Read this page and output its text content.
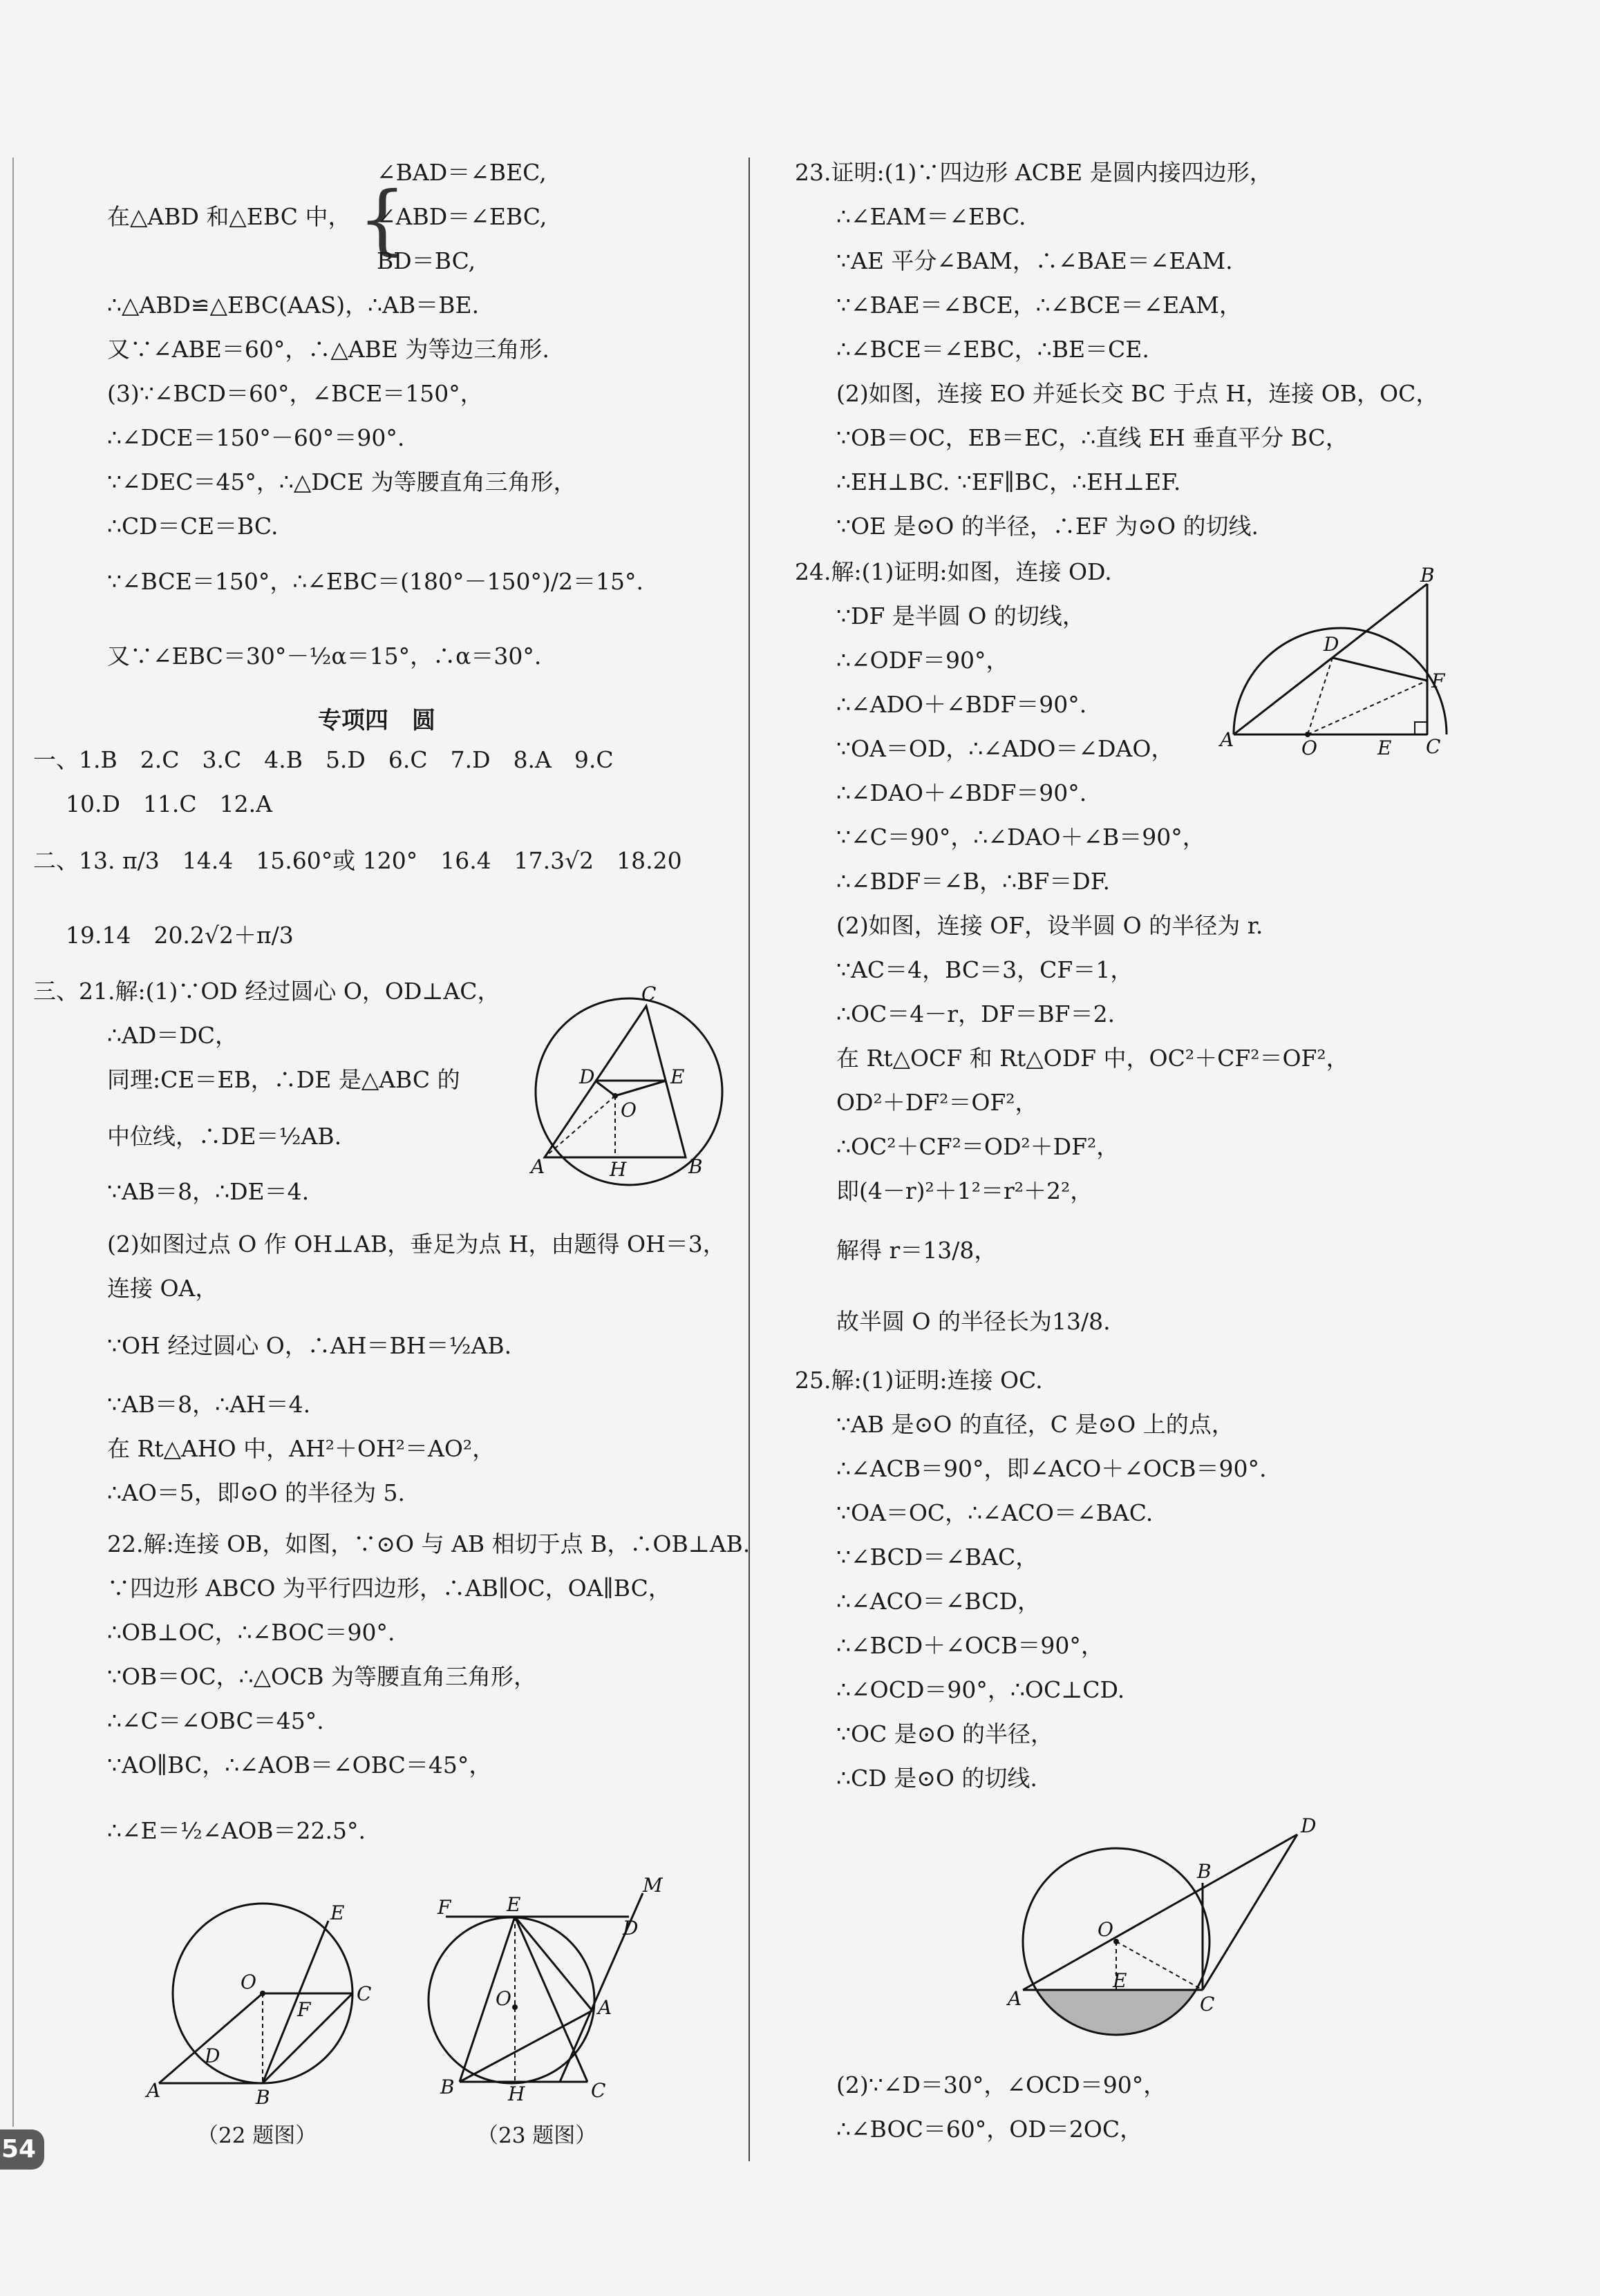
∠BAD＝∠BEC,
在△ABD 和△EBC 中， {
∠ABD＝∠EBC,
BD＝BC,
∴△ABD≌△EBC(AAS)，∴AB＝BE.
又∵∠ABE＝60°，∴△ABE 为等边三角形.
(3)∵∠BCD＝60°，∠BCE＝150°，
∴∠DCE＝150°－60°＝90°.
∵∠DEC＝45°，∴△DCE 为等腰直角三角形，
∴CD＝CE＝BC.
∵∠BCE＝150°，∴∠EBC＝(180°－150°)/2＝15°.
又∵∠EBC＝30°－½α＝15°，∴α＝30°.
专项四　圆
一、1.B　2.C　3.C　4.B　5.D　6.C　7.D　8.A　9.C
10.D　11.C　12.A
二、13. π/3　14.4　15.60°或 120°　16.4　17.3√2　18.20
19.14　20.2√2＋π/3
三、21.解:(1)∵OD 经过圆心 O，OD⊥AC，
∴AD＝DC，
同理:CE＝EB，∴DE 是△ABC 的
中位线，∴DE＝½AB.
∵AB＝8，∴DE＝4.
(2)如图过点 O 作 OH⊥AB，垂足为点 H，由题得 OH＝3，
连接 OA，
∵OH 经过圆心 O，∴AH＝BH＝½AB.
∵AB＝8，∴AH＝4.
在 Rt△AHO 中，AH²＋OH²＝AO²，
∴AO＝5，即⊙O 的半径为 5.
22.解:连接 OB，如图，∵⊙O 与 AB 相切于点 B，∴OB⊥AB.
∵四边形 ABCO 为平行四边形，∴AB∥OC，OA∥BC，
∴OB⊥OC，∴∠BOC＝90°.
∵OB＝OC，∴△OCB 为等腰直角三角形，
∴∠C＝∠OBC＝45°.
∵AO∥BC，∴∠AOB＝∠OBC＝45°，
∴∠E＝½∠AOB＝22.5°.
（22 题图）	（23 题图）
C
D	E
O
A	B
H
E
O
C
F
D
A	B
F	E
M
D
O	A
B	H	C
23.证明:(1)∵四边形 ACBE 是圆内接四边形，
∴∠EAM＝∠EBC.
∵AE 平分∠BAM，∴∠BAE＝∠EAM.
∵∠BAE＝∠BCE，∴∠BCE＝∠EAM，
∴∠BCE＝∠EBC，∴BE＝CE.
(2)如图，连接 EO 并延长交 BC 于点 H，连接 OB，OC，
∵OB＝OC，EB＝EC，∴直线 EH 垂直平分 BC，
∴EH⊥BC. ∵EF∥BC，∴EH⊥EF.
∵OE 是⊙O 的半径，∴EF 为⊙O 的切线.
24.解:(1)证明:如图，连接 OD.
∵DF 是半圆 O 的切线，
∴∠ODF＝90°，
∴∠ADO＋∠BDF＝90°.
∵OA＝OD，∴∠ADO＝∠DAO，
∴∠DAO＋∠BDF＝90°.
∵∠C＝90°，∴∠DAO＋∠B＝90°，
∴∠BDF＝∠B，∴BF＝DF.
(2)如图，连接 OF，设半圆 O 的半径为 r.
∵AC＝4，BC＝3，CF＝1，
∴OC＝4－r，DF＝BF＝2.
在 Rt△OCF 和 Rt△ODF 中，OC²＋CF²＝OF²，
OD²＋DF²＝OF²，
∴OC²＋CF²＝OD²＋DF²，
即(4－r)²＋1²＝r²＋2²，
解得 r＝13/8，
故半圆 O 的半径长为13/8.
25.解:(1)证明:连接 OC.
∵AB 是⊙O 的直径，C 是⊙O 上的点，
∴∠ACB＝90°，即∠ACO＋∠OCB＝90°.
∵OA＝OC，∴∠ACO＝∠BAC.
∵∠BCD＝∠BAC，
∴∠ACO＝∠BCD，
∴∠BCD＋∠OCB＝90°，
∴∠OCD＝90°，∴OC⊥CD.
∵OC 是⊙O 的半径，
∴CD 是⊙O 的切线.
(2)∵∠D＝30°，∠OCD＝90°，
∴∠BOC＝60°，OD＝2OC，
B
D
F
A	O	E C
D
B
O
E
A	C
54
